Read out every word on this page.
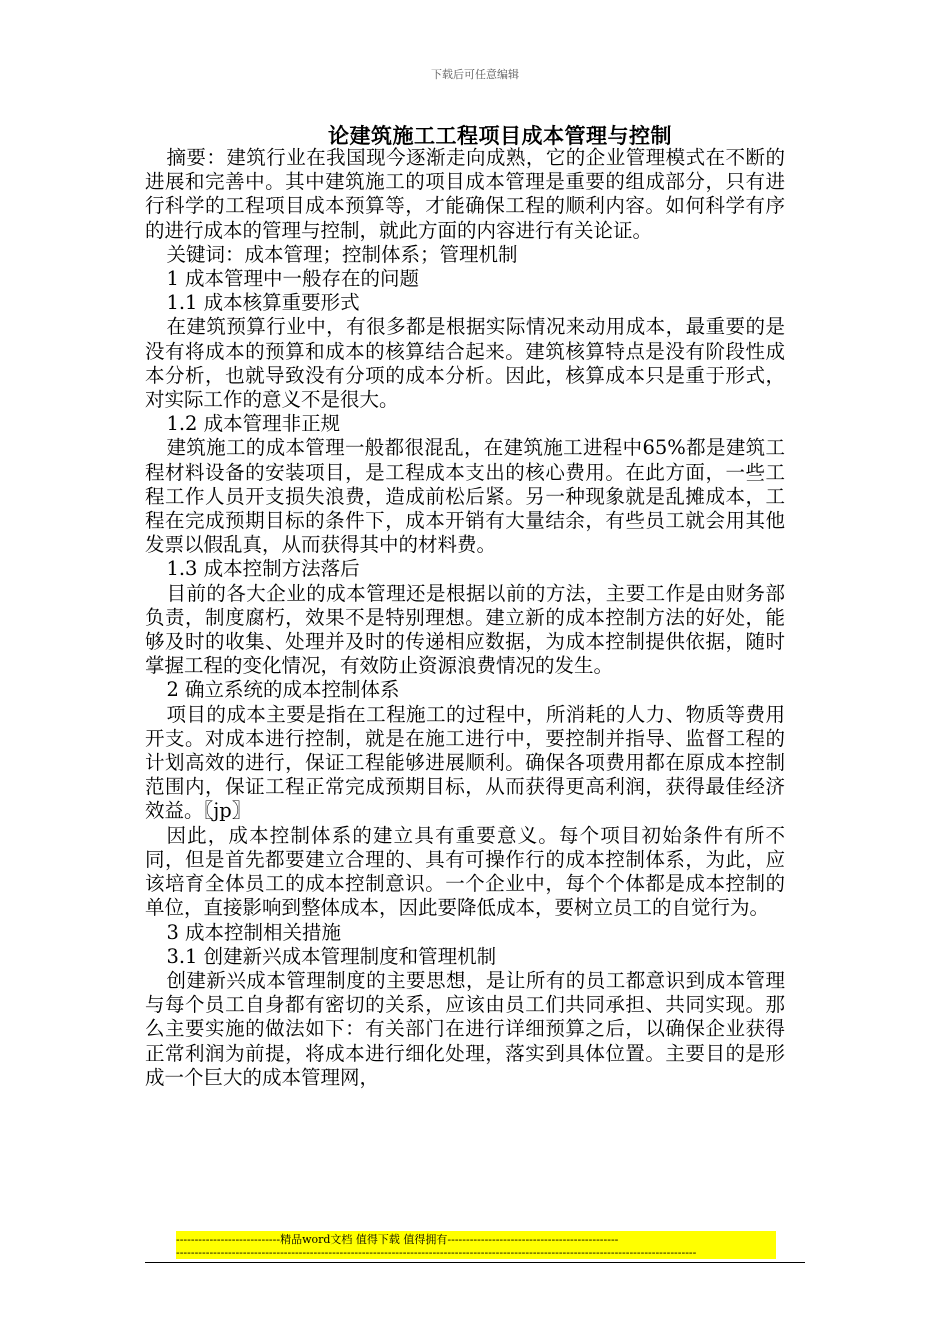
下载后可任意编辑
论建筑施工工程项目成本管理与控制

摘要：建筑行业在我国现今逐渐走向成熟，它的企业管理模式在不断的进展和完善中。其中建筑施工的项目成本管理是重要的组成部分，只有进行科学的工程项目成本预算等，才能确保工程的顺利内容。如何科学有序的进行成本的管理与控制，就此方面的内容进行有关论证。

关键词：成本管理；控制体系；管理机制

1 成本管理中一般存在的问题

1.1 成本核算重要形式

在建筑预算行业中，有很多都是根据实际情况来动用成本，最重要的是没有将成本的预算和成本的核算结合起来。建筑核算特点是没有阶段性成本分析，也就导致没有分项的成本分析。因此，核算成本只是重于形式，对实际工作的意义不是很大。

1.2 成本管理非正规

建筑施工的成本管理一般都很混乱，在建筑施工进程中65%都是建筑工程材料设备的安装项目，是工程成本支出的核心费用。在此方面，一些工程工作人员开支损失浪费，造成前松后紧。另一种现象就是乱摊成本，工程在完成预期目标的条件下，成本开销有大量结余，有些员工就会用其他发票以假乱真，从而获得其中的材料费。

1.3 成本控制方法落后

目前的各大企业的成本管理还是根据以前的方法，主要工作是由财务部负责，制度腐朽，效果不是特别理想。建立新的成本控制方法的好处，能够及时的收集、处理并及时的传递相应数据，为成本控制提供依据，随时掌握工程的变化情况，有效防止资源浪费情况的发生。

2 确立系统的成本控制体系

项目的成本主要是指在工程施工的过程中，所消耗的人力、物质等费用开支。对成本进行控制，就是在施工进行中，要控制并指导、监督工程的计划高效的进行，保证工程能够进展顺利。确保各项费用都在原成本控制范围内，保证工程正常完成预期目标，从而获得更高利润，获得最佳经济效益。〖jp〗

因此，成本控制体系的建立具有重要意义。每个项目初始条件有所不同，但是首先都要建立合理的、具有可操作行的成本控制体系，为此，应该培育全体员工的成本控制意识。一个企业中，每个个体都是成本控制的单位，直接影响到整体成本，因此要降低成本，要树立员工的自觉行为。

3 成本控制相关措施

3.1 创建新兴成本管理制度和管理机制

创建新兴成本管理制度的主要思想，是让所有的员工都意识到成本管理与每个员工自身都有密切的关系，应该由员工们共同承担、共同实现。那么主要实施的做法如下：有关部门在进行详细预算之后，以确保企业获得正常利润为前提，将成本进行细化处理，落实到具体位置。主要目的是形成一个巨大的成本管理网，

----------------------------精品word文档 值得下载 值得拥有----------------------------------------------
--------------------------------------------------------------------------------------------------------------------------------------------
